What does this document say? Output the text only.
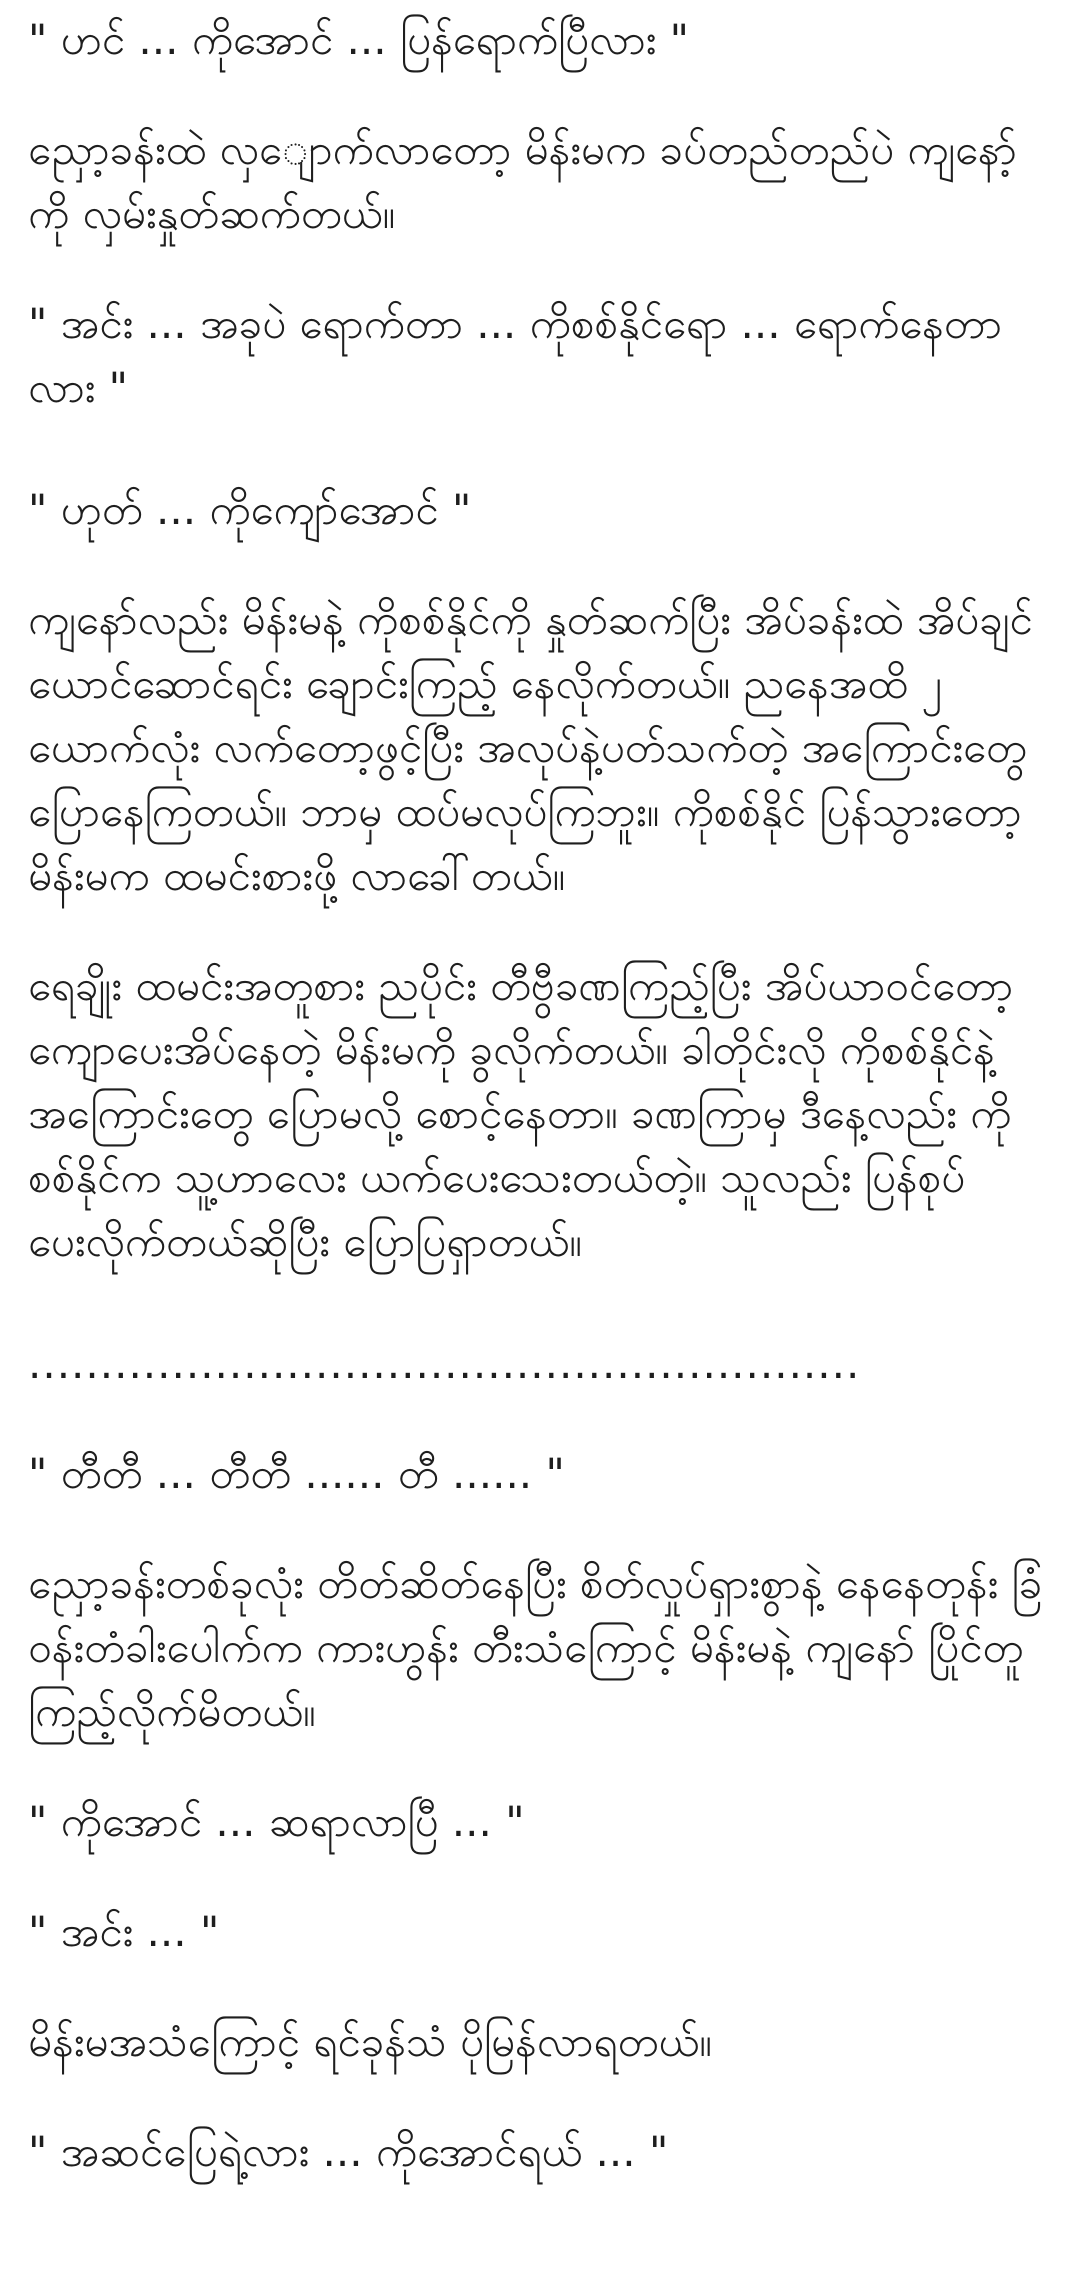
" ဟင် ... ကိုအောင် ... ပြန်ရောက်ပြီလား "

ညှော့ခန်းထဲ လှျောက်လာတော့ မိန်းမက ခပ်တည်တည်ပဲ ကျနော့်ကို လှမ်းနှုတ်ဆက်တယ်။

" အင်း ... အခုပဲ ရောက်တာ ... ကိုစစ်နိုင်ရော ... ရောက်နေတာလား "

" ဟုတ် ... ကိုကျော်အောင် "

ကျနော်လည်း မိန်းမနဲ့ ကိုစစ်နိုင်ကို နှုတ်ဆက်ပြီး အိပ်ခန်းထဲ အိပ်ချင်ယောင်ဆောင်ရင်း ချောင်းကြည့် နေလိုက်တယ်။ ညနေအထိ ၂ ယောက်လုံး လက်တော့ဖွင့်ပြီး အလုပ်နဲ့ပတ်သက်တဲ့ အကြောင်းတွေ ပြောနေကြတယ်။ ဘာမှ ထပ်မလုပ်ကြဘူး။ ကိုစစ်နိုင် ပြန်သွားတော့ မိန်းမက ထမင်းစားဖို့ လာခေါ်တယ်။

ရေချိုး ထမင်းအတူစား ညပိုင်း တီဗွီခဏကြည့်ပြီး အိပ်ယာဝင်တော့ ကျောပေးအိပ်နေတဲ့ မိန်းမကို ခွလိုက်တယ်။ ခါတိုင်းလို ကိုစစ်နိုင်နဲ့ အကြောင်းတွေ ပြောမလို့ စောင့်နေတာ။ ခဏကြာမှ ဒီနေ့လည်း ကိုစစ်နိုင်က သူ့ဟာလေး ယက်ပေးသေးတယ်တဲ့။ သူလည်း ပြန်စုပ်ပေးလိုက်တယ်ဆိုပြီး ပြောပြရှာတယ်။

..........................................................

" တီတီ ... တီတီ ...... တီ ...... "

ညှော့ခန်းတစ်ခုလုံး တိတ်ဆိတ်နေပြီး စိတ်လှုပ်ရှားစွာနဲ့ နေနေတုန်း ခြံဝန်းတံခါးပေါက်က ကားဟွန်း တီးသံကြောင့် မိန်းမနဲ့ ကျနော် ပြိုင်တူကြည့်လိုက်မိတယ်။

" ကိုအောင် ... ဆရာလာပြီ ... "

" အင်း ... "

မိန်းမအသံကြောင့် ရင်ခုန်သံ ပိုမြန်လာရတယ်။

" အဆင်ပြေရဲ့လား ... ကိုအောင်ရယ် ... "
